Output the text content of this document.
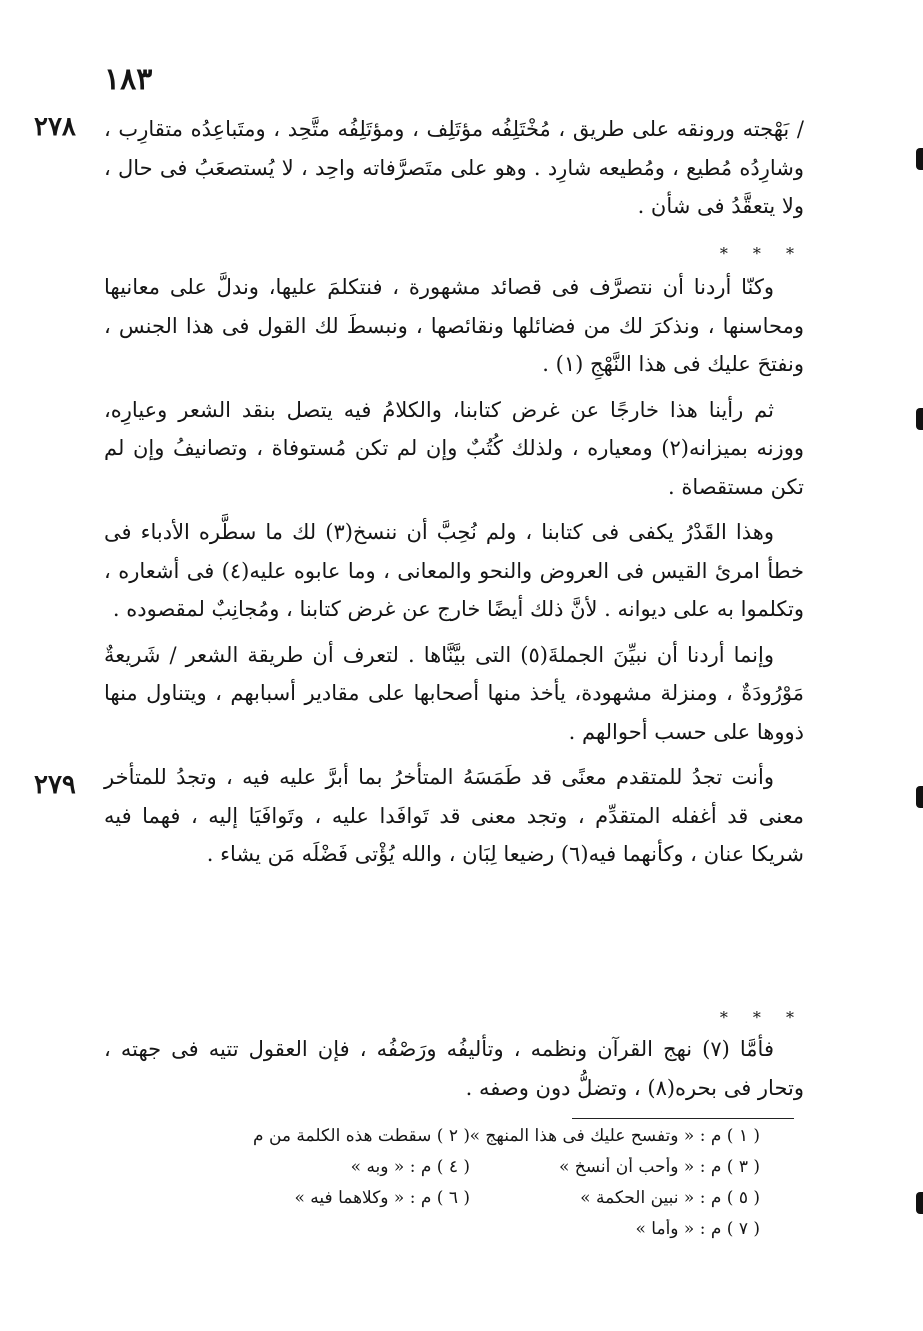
١٨٣
٢٧٨
٢٧٩

/ بَهْجته ورونقه على طريق ، مُخْتَلِفُه مؤتَلِف ، ومؤتَلِفُه متَّحِد ، ومتَباعِدُه متقارِب ، وشارِدُه مُطيع ، ومُطيعه شارِد . وهو على متَصرَّفاته واحِد ، لا يُستصعَبُ فى حال ، ولا يتعقَّدُ فى شأن .

* * *

وكنّا أردنا أن نتصرَّف فى قصائد مشهورة ، فنتكلمَ عليها، وندلَّ على معانيها ومحاسنها ، ونذكرَ لك من فضائلها ونقائصها ، ونبسطَ لك القول فى هذا الجنس ، ونفتحَ عليك فى هذا النَّهْجِ (١) .

ثم رأينا هذا خارجًا عن غرض كتابنا، والكلامُ فيه يتصل بنقد الشعر وعيارِه، ووزنه بميزانه(٢) ومعياره ، ولذلك كُتُبٌ وإن لم تكن مُستوفاة ، وتصانيفُ وإن لم تكن مستقصاة .

وهذا القَدْرُ يكفى فى كتابنا ، ولم نُحِبَّ أن ننسخ(٣) لك ما سطَّره الأدباء فى خطأ امرئ القيس فى العروض والنحو والمعانى ، وما عابوه عليه(٤) فى أشعاره ، وتكلموا به على ديوانه . لأنَّ ذلك أيضًا خارج عن غرض كتابنا ، ومُجانِبٌ لمقصوده .

وإنما أردنا أن نبيِّنَ الجملةَ(٥) التى بيَّنَّاها . لتعرف أن طريقة الشعر / شَريعةٌ مَوْرُودَةٌ ، ومنزلة مشهودة، يأخذ منها أصحابها على مقادير أسبابهم ، ويتناول منها ذووها على حسب أحوالهم .

وأنت تجدُ للمتقدم معنًى قد طَمَسَهُ المتأخرُ بما أبرَّ عليه فيه ، وتجدُ للمتأخر معنى قد أغفله المتقدِّم ، وتجد معنى قد تَوافَدا عليه ، وتَوافَيَا إليه ، فهما فيه شريكا عنان ، وكأنهما فيه(٦) رضيعا لِبَان ، والله يُؤْتى فَضْلَه مَن يشاء .

* * *

فأمَّا (٧) نهج القرآن ونظمه ، وتأليفُه ورَصْفُه ، فإن العقول تتيه فى جهته ، وتحار فى بحره(٨) ، وتضلُّ دون وصفه .

( ١ ) م : « وتفسح عليك فى هذا المنهج »
( ٢ ) سقطت هذه الكلمة من م
( ٣ ) م : « وأحب أن أنسخ »
( ٤ ) م : « وبه »
( ٥ ) م : « نبين الحكمة »
( ٦ ) م : « وكلاهما فيه »
( ٧ ) م : « وأما »
